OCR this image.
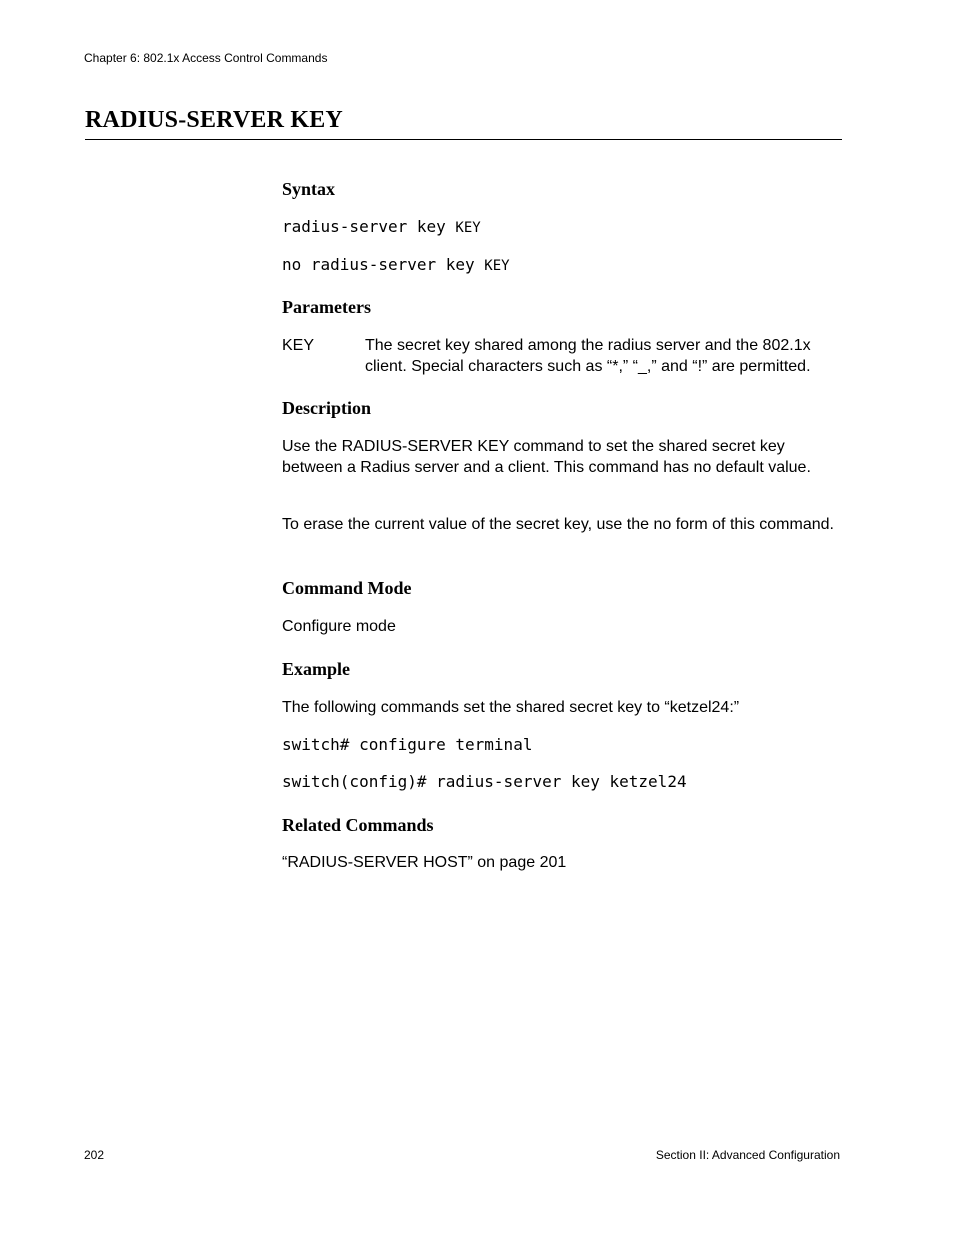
Chapter 6: 802.1x Access Control Commands
RADIUS-SERVER KEY
Syntax
radius-server key KEY
no radius-server key KEY
Parameters
KEY	The secret key shared among the radius server and the 802.1x
client. Special characters such as “*,” “_,” and “!” are permitted.
Description

Use the RADIUS-SERVER KEY command to set the shared secret key between a Radius server and a client. This command has no default value.

To erase the current value of the secret key, use the no form of this command.

Command Mode

Configure mode

Example

The following commands set the shared secret key to “ketzel24:”

switch# configure terminal
switch(config)# radius-server key ketzel24
Related Commands
“RADIUS-SERVER HOST” on page 201
202	Section II: Advanced Configuration
